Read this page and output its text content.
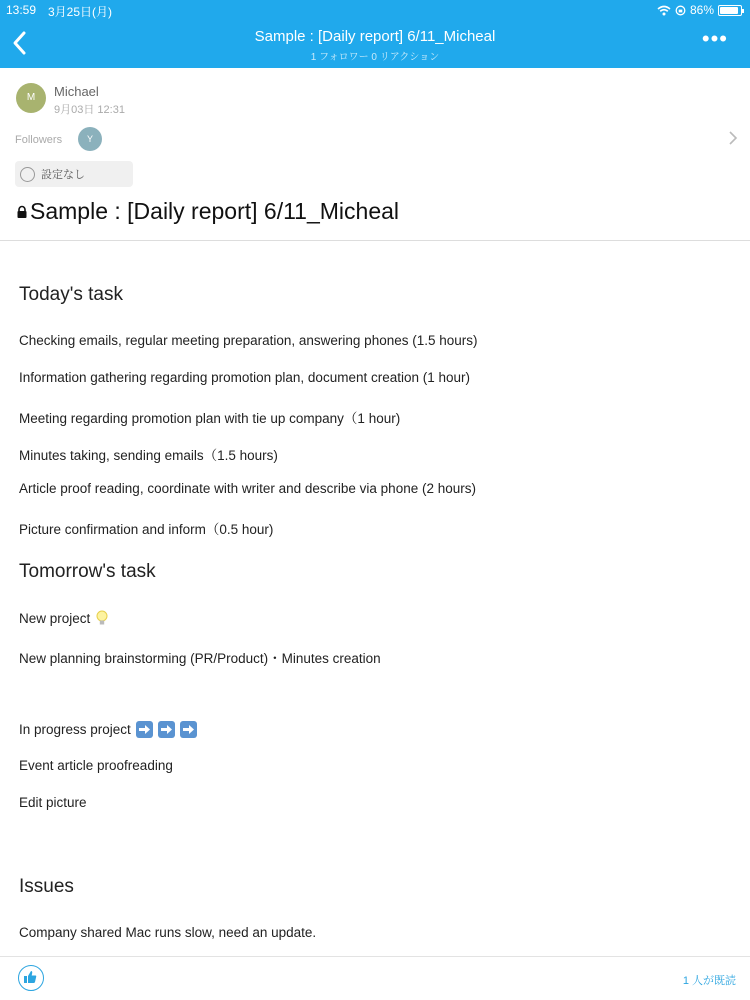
13:59 3月25日(月)	86%
Sample : [Daily report] 6/11_Micheal
1 フォロワー 0 リアクション
•••
M	Michael
9月03日 12:31
Followers	Y
設定なし
Sample : [Daily report] 6/11_Micheal
Today's task
Checking emails, regular meeting preparation, answering phones (1.5 hours)
Information gathering regarding promotion plan, document creation (1 hour)
Meeting regarding promotion plan with tie up company（1 hour)
Minutes taking, sending emails（1.5 hours)
Article proof reading, coordinate with writer and describe via phone (2 hours)
Picture confirmation and inform（0.5 hour)
Tomorrow's task
New project
New planning brainstorming (PR/Product)・Minutes creation
In progress project
Event article proofreading
Edit picture
Issues
Company shared Mac runs slow, need an update.
1 人が既読
